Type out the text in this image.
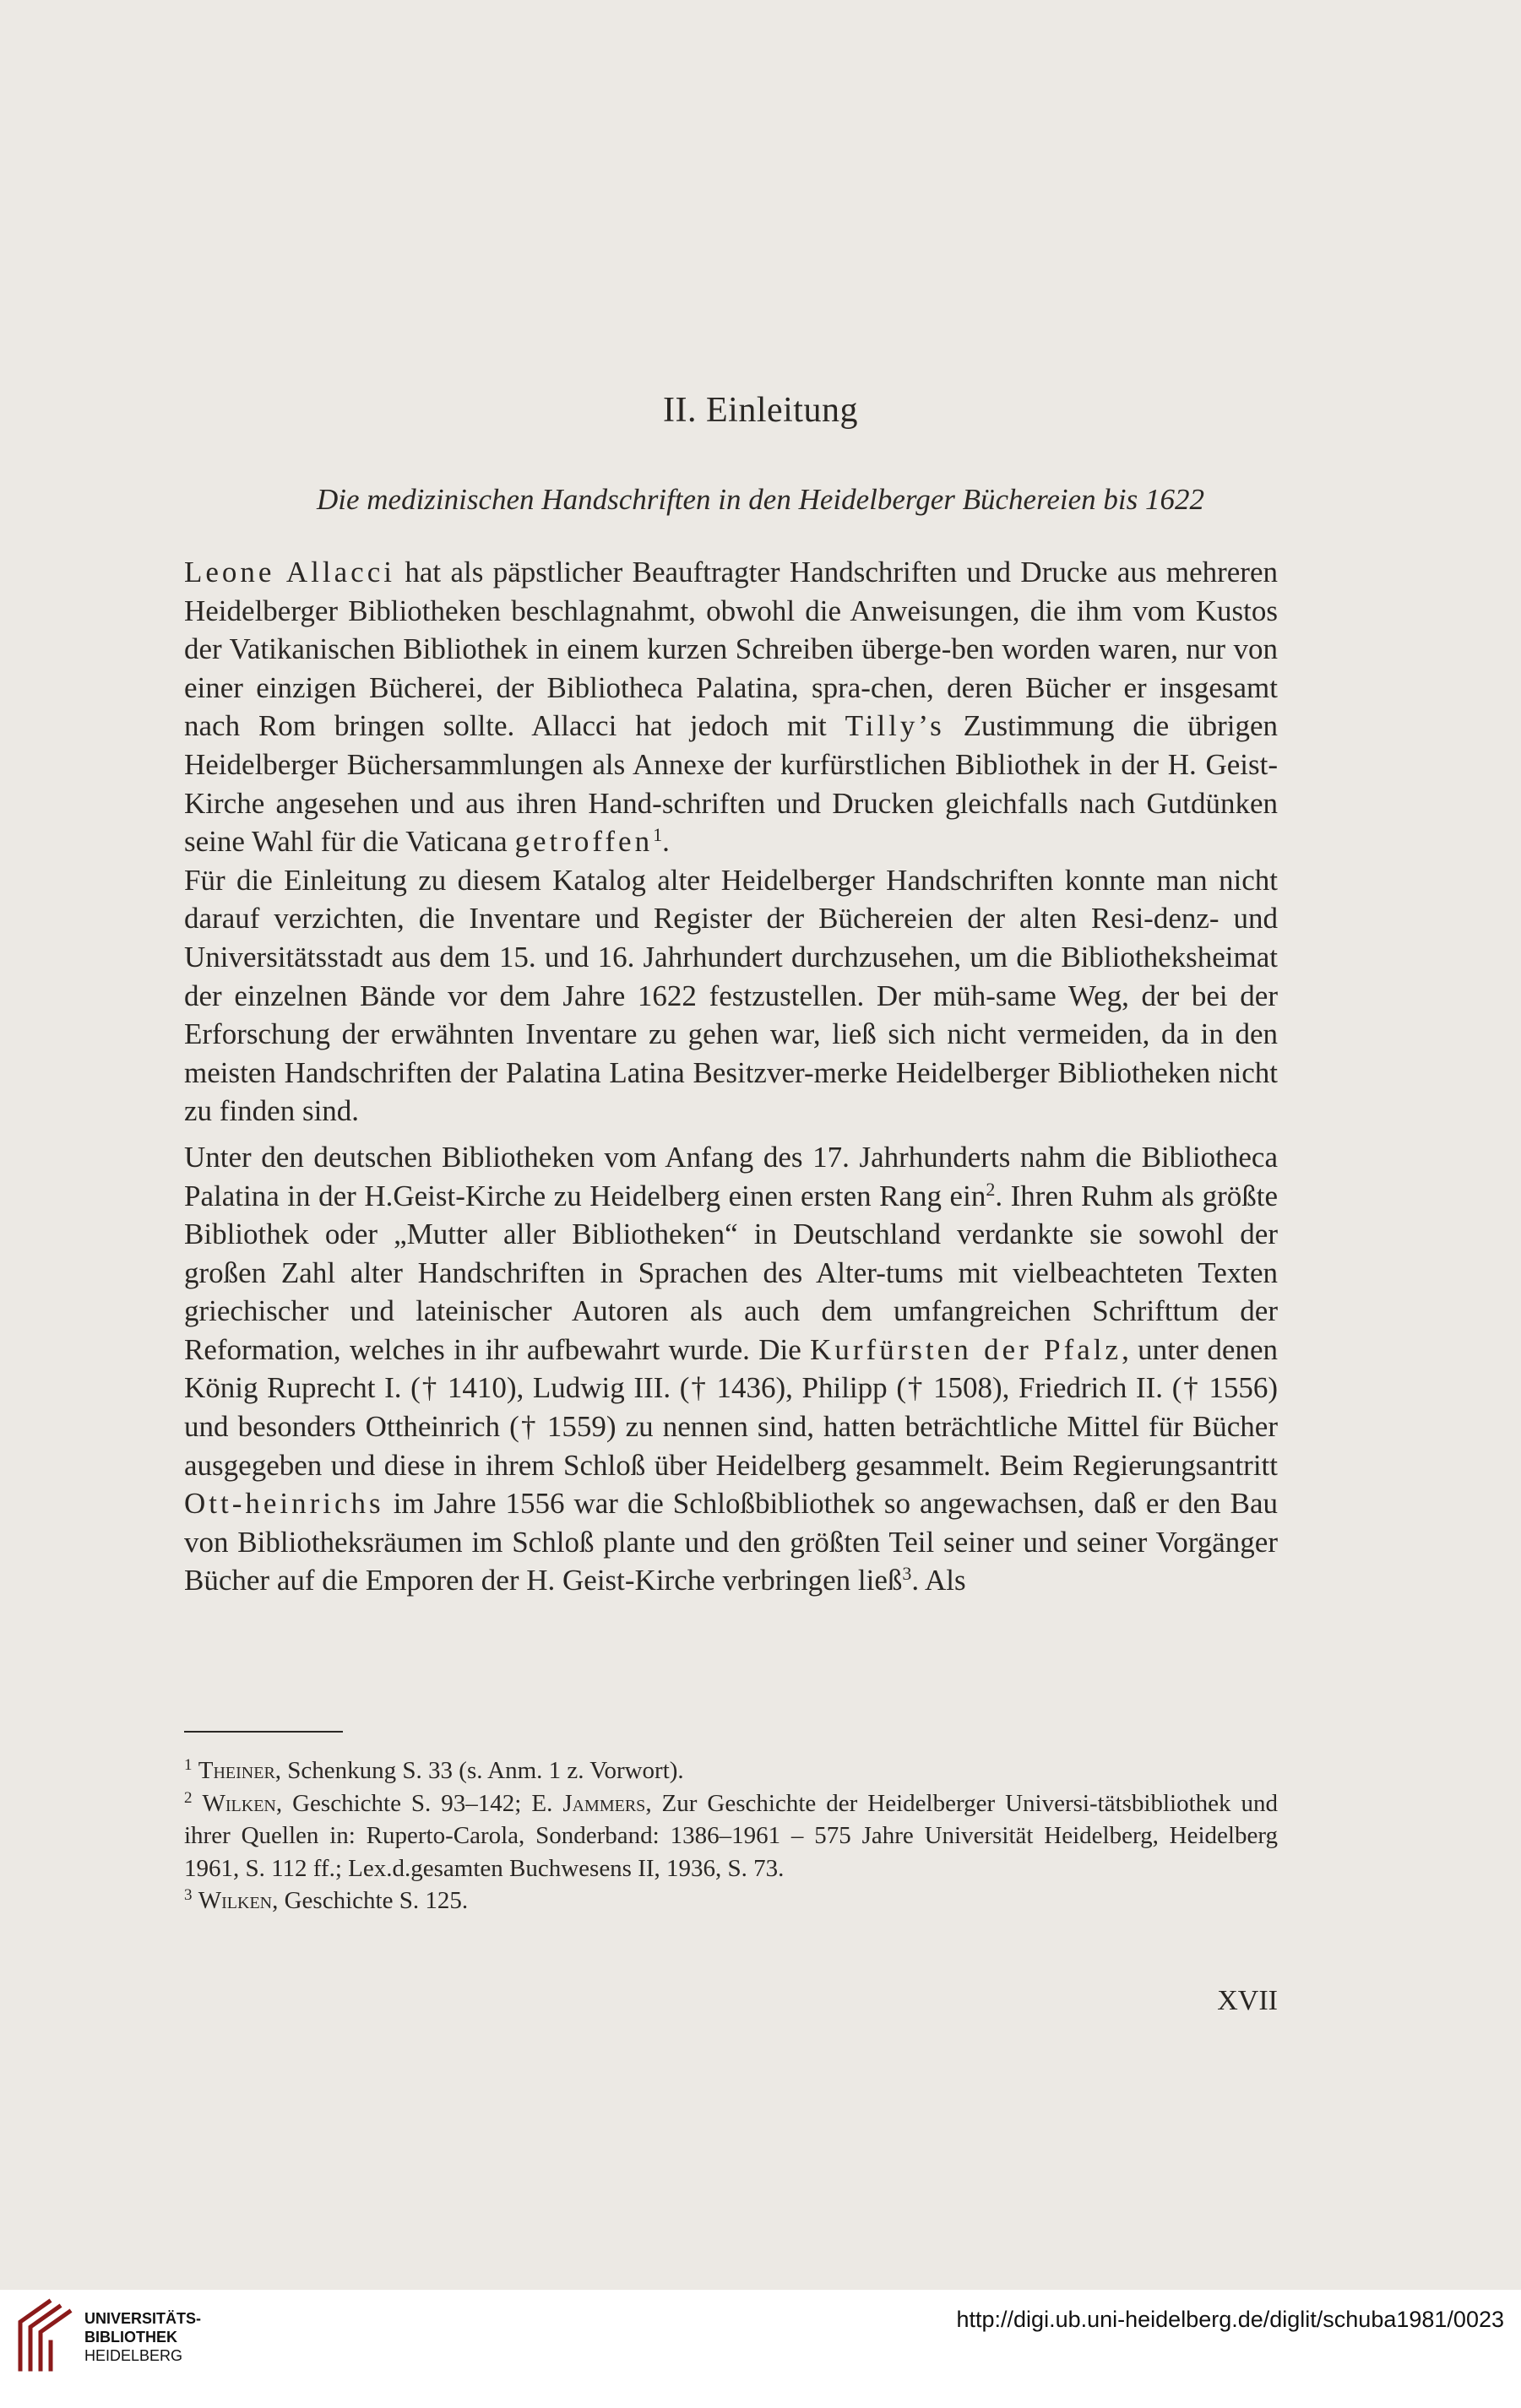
II. Einleitung
Die medizinischen Handschriften in den Heidelberger Büchereien bis 1622

Leone Allacci hat als päpstlicher Beauftragter Handschriften und Drucke aus mehreren Heidelberger Bibliotheken beschlagnahmt, obwohl die Anweisungen, die ihm vom Kustos der Vatikanischen Bibliothek in einem kurzen Schreiben überge-ben worden waren, nur von einer einzigen Bücherei, der Bibliotheca Palatina, spra-chen, deren Bücher er insgesamt nach Rom bringen sollte. Allacci hat jedoch mit Tilly’s Zustimmung die übrigen Heidelberger Büchersammlungen als Annexe der kurfürstlichen Bibliothek in der H. Geist-Kirche angesehen und aus ihren Hand-schriften und Drucken gleichfalls nach Gutdünken seine Wahl für die Vaticana getroffen$^1$.

Für die Einleitung zu diesem Katalog alter Heidelberger Handschriften konnte man nicht darauf verzichten, die Inventare und Register der Büchereien der alten Resi-denz- und Universitätsstadt aus dem 15. und 16. Jahrhundert durchzusehen, um die Bibliotheksheimat der einzelnen Bände vor dem Jahre 1622 festzustellen. Der müh-same Weg, der bei der Erforschung der erwähnten Inventare zu gehen war, ließ sich nicht vermeiden, da in den meisten Handschriften der Palatina Latina Besitzver-merke Heidelberger Bibliotheken nicht zu finden sind.

Unter den deutschen Bibliotheken vom Anfang des 17. Jahrhunderts nahm die Bibliotheca Palatina in der H.Geist-Kirche zu Heidelberg einen ersten Rang ein$^2$. Ihren Ruhm als größte Bibliothek oder „Mutter aller Bibliotheken“ in Deutschland verdankte sie sowohl der großen Zahl alter Handschriften in Sprachen des Alter-tums mit vielbeachteten Texten griechischer und lateinischer Autoren als auch dem umfangreichen Schrifttum der Reformation, welches in ihr aufbewahrt wurde. Die Kurfürsten der Pfalz, unter denen König Ruprecht I. († 1410), Ludwig III. († 1436), Philipp († 1508), Friedrich II. († 1556) und besonders Ottheinrich († 1559) zu nennen sind, hatten beträchtliche Mittel für Bücher ausgegeben und diese in ihrem Schloß über Heidelberg gesammelt. Beim Regierungsantritt Ott-heinrichs im Jahre 1556 war die Schloßbibliothek so angewachsen, daß er den Bau von Bibliotheksräumen im Schloß plante und den größten Teil seiner und seiner Vorgänger Bücher auf die Emporen der H. Geist-Kirche verbringen ließ$^3$. Als

$^1$ Theiner, Schenkung S. 33 (s. Anm. 1 z. Vorwort).

$^2$ Wilken, Geschichte S. 93–142; E. Jammers, Zur Geschichte der Heidelberger Universi-tätsbibliothek und ihrer Quellen in: Ruperto-Carola, Sonderband: 1386–1961 – 575 Jahre Universität Heidelberg, Heidelberg 1961, S. 112 ff.; Lex.d.gesamten Buchwesens II, 1936, S. 73.

$^3$ Wilken, Geschichte S. 125.

XVII
UNIVERSITÄTS-
BIBLIOTHEK
HEIDELBERG
http://digi.ub.uni-heidelberg.de/diglit/schuba1981/0023
